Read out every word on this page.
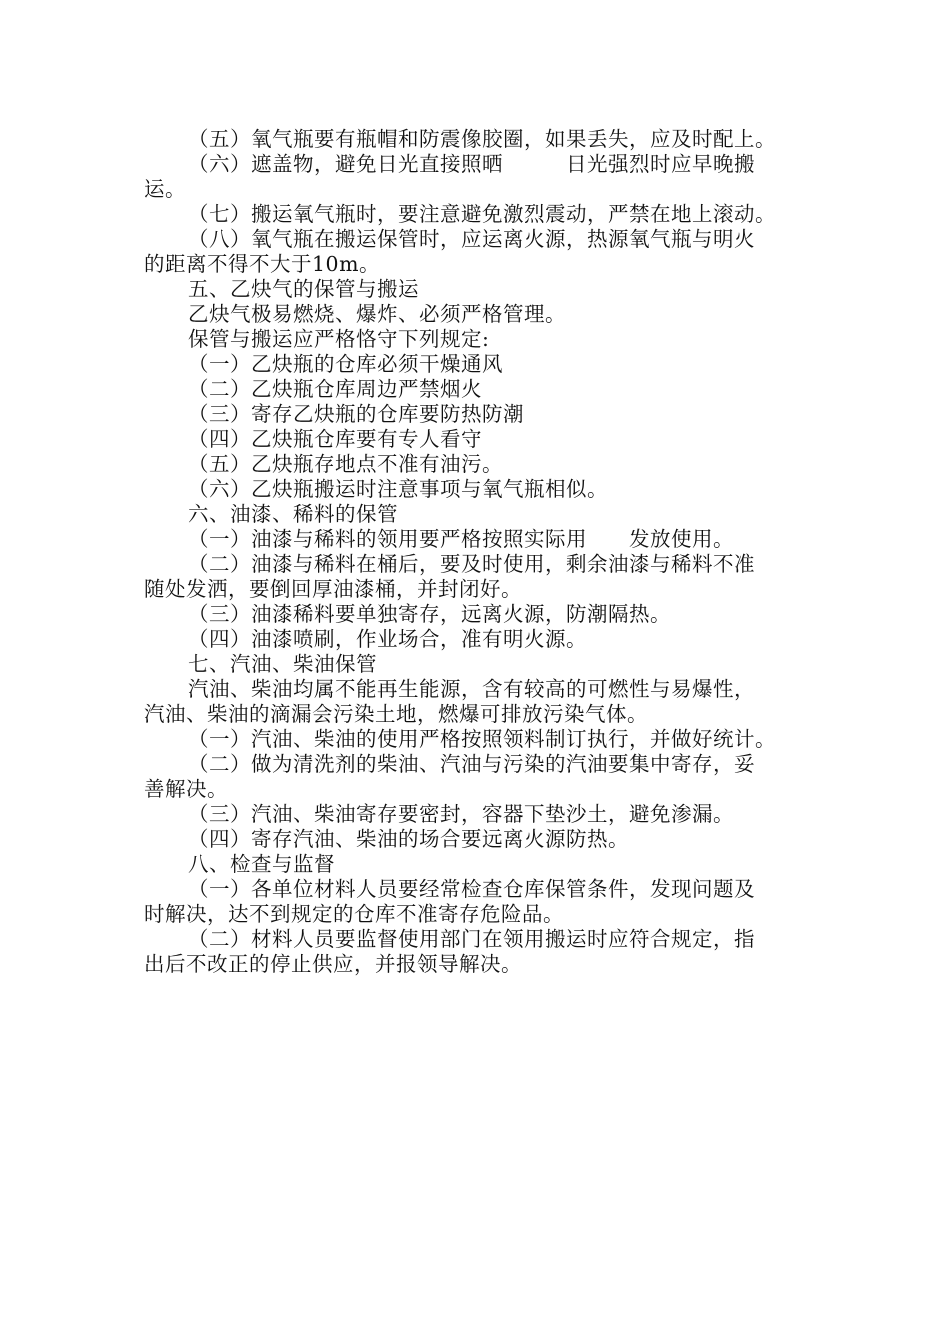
（五）氧气瓶要有瓶帽和防震像胶圈，如果丢失，应及时配上。
（六）遮盖物，避免日光直接照晒　　　日光强烈时应早晚搬
运。
（七）搬运氧气瓶时，要注意避免激烈震动，严禁在地上滚动。
（八）氧气瓶在搬运保管时，应运离火源，热源氧气瓶与明火
的距离不得不大于10m。
五、乙炔气的保管与搬运
乙炔气极易燃烧、爆炸、必须严格管理。
保管与搬运应严格恪守下列规定:
（一）乙炔瓶的仓库必须干燥通风
（二）乙炔瓶仓库周边严禁烟火
（三）寄存乙炔瓶的仓库要防热防潮
（四）乙炔瓶仓库要有专人看守
（五）乙炔瓶存地点不准有油污。
（六）乙炔瓶搬运时注意事项与氧气瓶相似。
六、油漆、稀料的保管
（一）油漆与稀料的领用要严格按照实际用　　发放使用。
（二）油漆与稀料在桶后，要及时使用，剩余油漆与稀料不准
随处发洒，要倒回厚油漆桶，并封闭好。
（三）油漆稀料要单独寄存，远离火源，防潮隔热。
（四）油漆喷刷，作业场合，准有明火源。
七、汽油、柴油保管
汽油、柴油均属不能再生能源，含有较高的可燃性与易爆性，
汽油、柴油的滴漏会污染土地，燃爆可排放污染气体。
（一）汽油、柴油的使用严格按照领料制订执行，并做好统计。
（二）做为清洗剂的柴油、汽油与污染的汽油要集中寄存，妥
善解决。
（三）汽油、柴油寄存要密封，容器下垫沙土，避免渗漏。
（四）寄存汽油、柴油的场合要远离火源防热。
八、检查与监督
（一）各单位材料人员要经常检查仓库保管条件，发现问题及
时解决，达不到规定的仓库不准寄存危险品。
（二）材料人员要监督使用部门在领用搬运时应符合规定，指
出后不改正的停止供应，并报领导解决。
